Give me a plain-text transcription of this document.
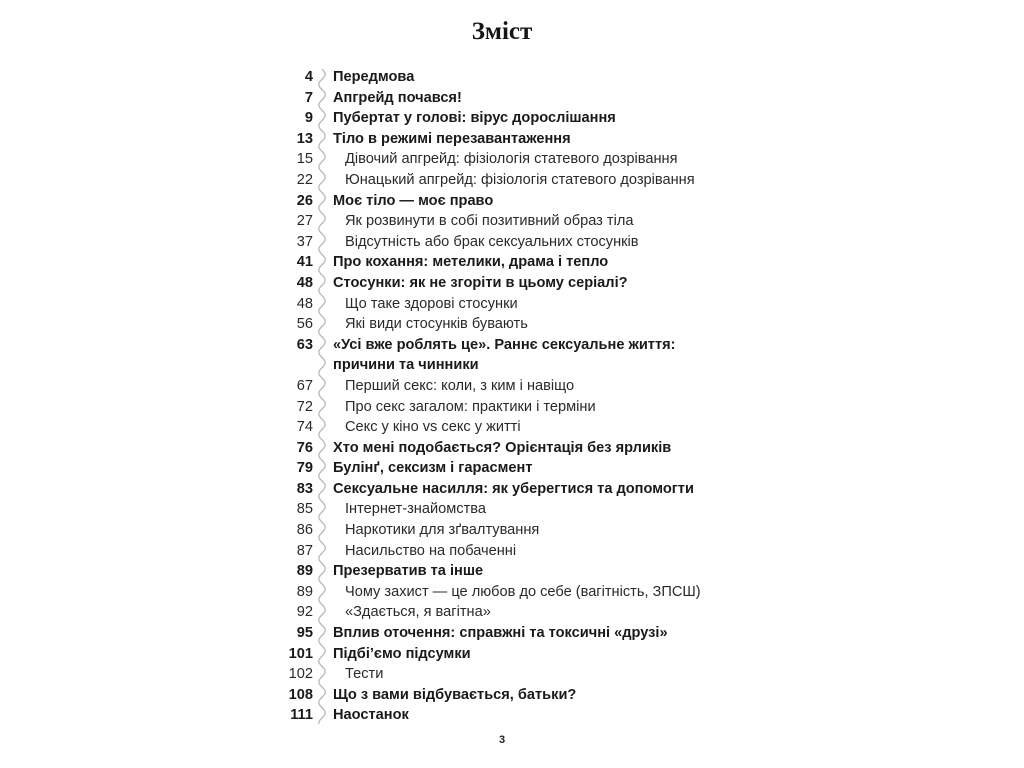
Зміст
4 Передмова
7 Апгрейд почався!
9 Пубертат у голові: вірус дорослішання
13 Тіло в режимі перезавантаження
15 Дівочий апгрейд: фізіологія статевого дозрівання
22 Юнацький апгрейд: фізіологія статевого дозрівання
26 Моє тіло — моє право
27 Як розвинути в собі позитивний образ тіла
37 Відсутність або брак сексуальних стосунків
41 Про кохання: метелики, драма і тепло
48 Стосунки: як не згоріти в цьому серіалі?
48 Що таке здорові стосунки
56 Які види стосунків бувають
63 «Усі вже роблять це». Раннє сексуальне життя:
причини та чинники
67 Перший секс: коли, з ким і навіщо
72 Про секс загалом: практики і терміни
74 Секс у кіно vs секс у житті
76 Хто мені подобається? Орієнтація без ярликів
79 Булінґ, сексизм і гарасмент
83 Сексуальне насилля: як уберегтися та допомогти
85 Інтернет-знайомства
86 Наркотики для зґвалтування
87 Насильство на побаченні
89 Презерватив та інше
89 Чому захист — це любов до себе (вагітність, ЗПСШ)
92 «Здається, я вагітна»
95 Вплив оточення: справжні та токсичні «друзі»
101 Підбі’ємо підсумки
102 Тести
108 Що з вами відбувається, батьки?
111 Наостанок
3
